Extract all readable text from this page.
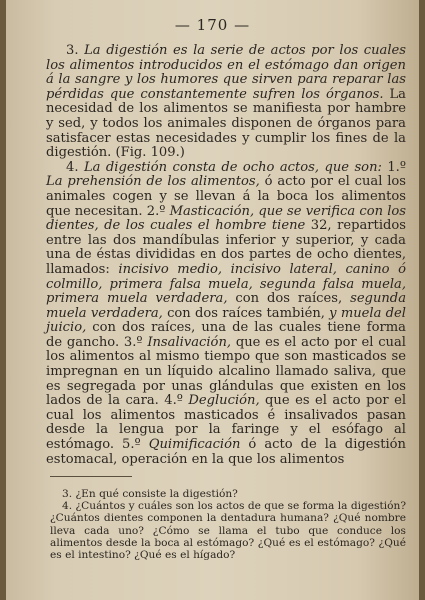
— 170 —

3. La digestión es la serie de actos por los cuales los alimentos introducidos en el estómago dan origen á la sangre y los humores que sirven para reparar las pérdidas que constantemente sufren los órganos. La necesidad de los alimentos se manifiesta por hambre y sed, y todos los animales disponen de órganos para satisfacer estas necesidades y cumplir los fines de la digestión. (Fig. 109.)

4. La digestión consta de ocho actos, que son: 1.º La prehensión de los alimentos, ó acto por el cual los animales cogen y se llevan á la boca los alimentos que necesitan. 2.º Masticación, que se verifica con los dientes, de los cuales el hombre tiene 32, repartidos entre las dos mandíbulas inferior y superior, y cada una de éstas divididas en dos partes de ocho dientes, llamados: incisivo medio, incisivo lateral, canino ó colmillo, primera falsa muela, segunda falsa muela, primera muela verdadera, con dos raíces, segunda muela verdadera, con dos raíces también, y muela del juicio, con dos raíces, una de las cuales tiene forma de gancho. 3.º Insalivación, que es el acto por el cual los alimentos al mismo tiempo que son masticados se impregnan en un líquido alcalino llamado saliva, que es segregada por unas glándulas que existen en los lados de la cara. 4.º Deglución, que es el acto por el cual los alimentos masticados é insalivados pasan desde la lengua por la faringe y el esófago al estómago. 5.º Quimificación ó acto de la digestión estomacal, operación en la que los alimentos

3. ¿En qué consiste la digestión?

4. ¿Cuántos y cuáles son los actos de que se forma la digestión? ¿Cuántos dientes componen la dentadura humana? ¿Qué nombre lleva cada uno? ¿Cómo se llama el tubo que conduce los alimentos desde la boca al estómago? ¿Qué es el estómago? ¿Qué es el intestino? ¿Qué es el hígado?
